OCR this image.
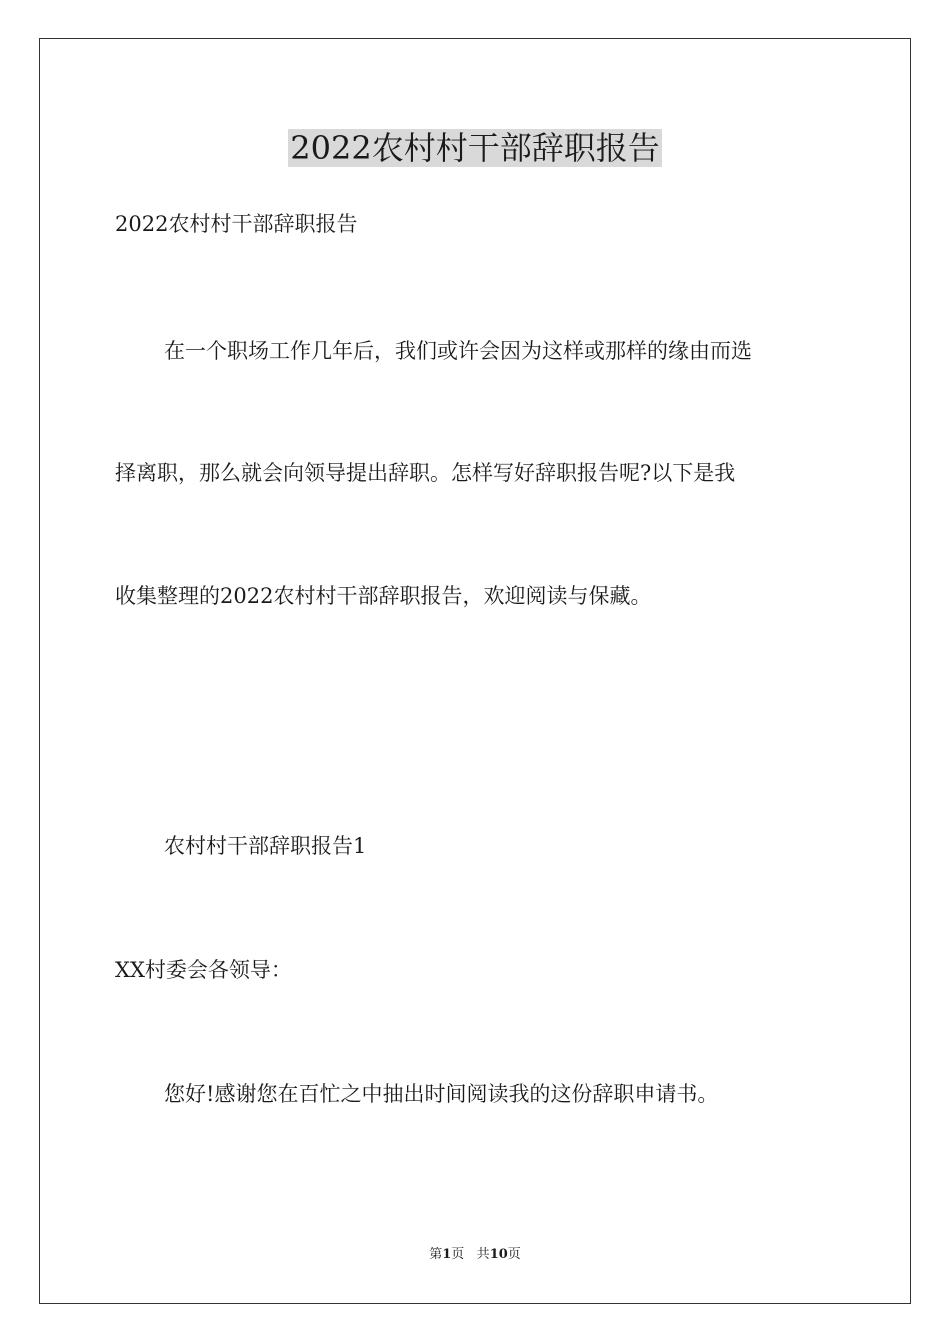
2022农村村干部辞职报告
2022农村村干部辞职报告
在一个职场工作几年后，我们或许会因为这样或那样的缘由而选
择离职，那么就会向领导提出辞职。怎样写好辞职报告呢?以下是我
收集整理的2022农村村干部辞职报告，欢迎阅读与保藏。
农村村干部辞职报告1
XX村委会各领导：
您好!感谢您在百忙之中抽出时间阅读我的这份辞职申请书。
第1页 共10页
